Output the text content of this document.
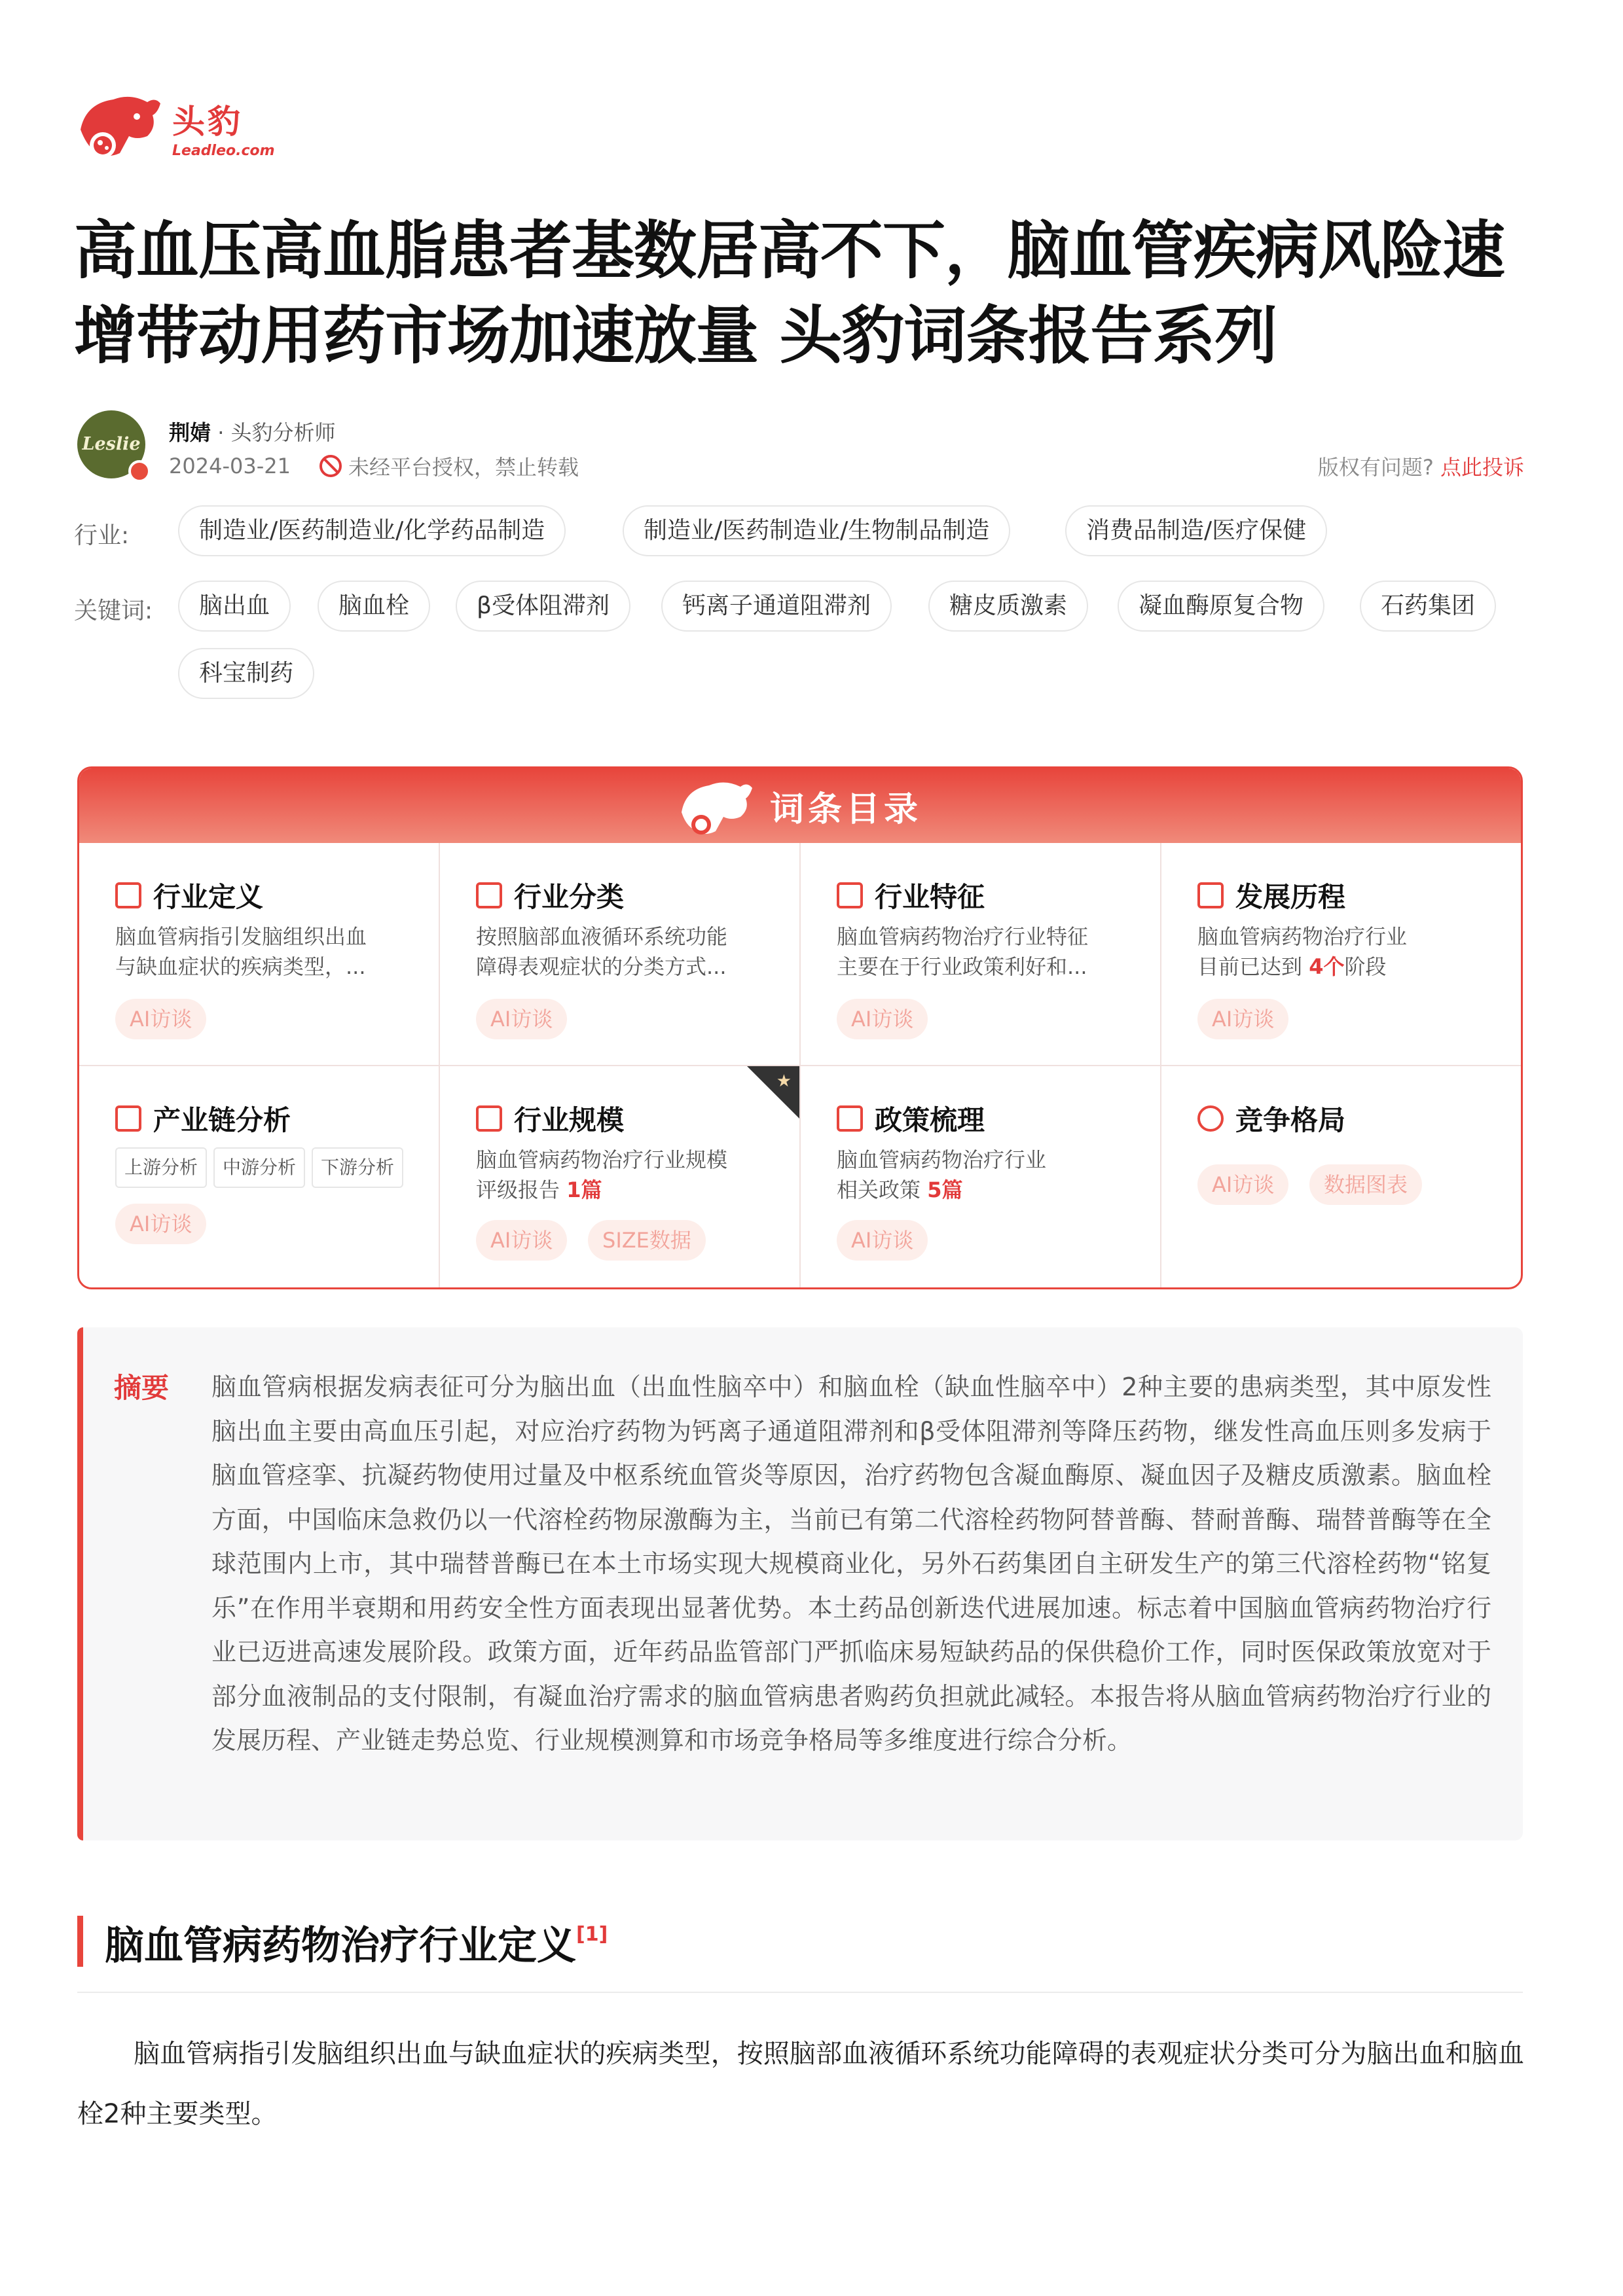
头豹
Leadleo.com
高血压高血脂患者基数居高不下，脑血管疾病风险速增带动用药市场加速放量 头豹词条报告系列
Leslie 荆婧 · 头豹分析师
2024-03-21	未经平台授权，禁止转载	版权有问题? 点此投诉
行业:	制造业/医药制造业/化学药品制造	制造业/医药制造业/生物制品制造	消费品制造/医疗保健
关键词:	脑出血	脑血栓	β受体阻滞剂	钙离子通道阻滞剂	糖皮质激素	凝血酶原复合物	石药集团
科宝制药
词条目录
行业定义
脑血管病指引发脑组织出血
与缺血症状的疾病类型，...
AI访谈
行业分类
按照脑部血液循环系统功能
障碍表观症状的分类方式...
AI访谈
行业特征
脑血管病药物治疗行业特征
主要在于行业政策利好和...
AI访谈
发展历程
脑血管病药物治疗行业
目前已达到 4个阶段
AI访谈
产业链分析
上游分析	中游分析	下游分析
AI访谈
★
行业规模
脑血管病药物治疗行业规模
评级报告 1篇
AI访谈	SIZE数据
政策梳理
脑血管病药物治疗行业
相关政策 5篇
AI访谈
竞争格局
AI访谈	数据图表
摘要 脑血管病根据发病表征可分为脑出血（出血性脑卒中）和脑血栓（缺血性脑卒中）2种主要的患病类型，其中原发性脑出血主要由高血压引起，对应治疗药物为钙离子通道阻滞剂和β受体阻滞剂等降压药物，继发性高血压则多发病于脑血管痉挛、抗凝药物使用过量及中枢系统血管炎等原因，治疗药物包含凝血酶原、凝血因子及糖皮质激素。脑血栓方面，中国临床急救仍以一代溶栓药物尿激酶为主，当前已有第二代溶栓药物阿替普酶、替耐普酶、瑞替普酶等在全球范围内上市，其中瑞替普酶已在本土市场实现大规模商业化，另外石药集团自主研发生产的第三代溶栓药物“铭复乐”在作用半衰期和用药安全性方面表现出显著优势。本土药品创新迭代进展加速。标志着中国脑血管病药物治疗行业已迈进高速发展阶段。政策方面，近年药品监管部门严抓临床易短缺药品的保供稳价工作，同时医保政策放宽对于部分血液制品的支付限制，有凝血治疗需求的脑血管病患者购药负担就此减轻。本报告将从脑血管病药物治疗行业的发展历程、产业链走势总览、行业规模测算和市场竞争格局等多维度进行综合分析。
脑血管病药物治疗行业定义[1]

脑血管病指引发脑组织出血与缺血症状的疾病类型，按照脑部血液循环系统功能障碍的表观症状分类可分为脑出血和脑血栓2种主要类型。
